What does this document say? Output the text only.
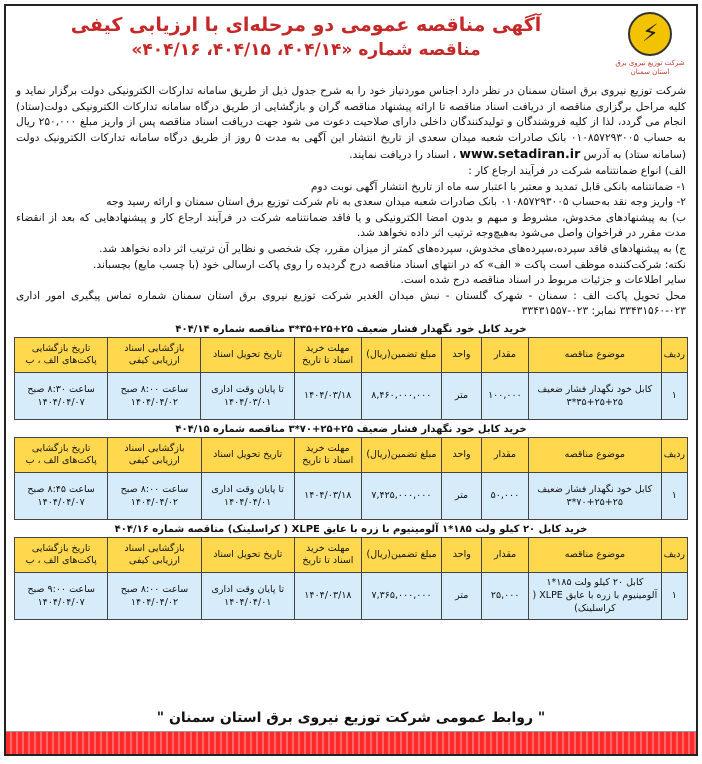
⚡
شرکت توزیع نیروی برق استان سمنان
آگهی مناقصه عمومی دو مرحله‌ای با ارزیابی کیفی
مناقصه شماره «۴۰۴/۱۴، ۴۰۴/۱۵، ۴۰۴/۱۶»

شرکت توزیع نیروی برق استان سمنان در نظر دارد اجناس موردنیاز خود را به شرح جدول ذیل از طریق سامانه تدارکات الکترونیکی دولت برگزار نماید و کلیه مراحل برگزاری مناقصه از دریافت اسناد مناقصه تا ارائه پیشنهاد مناقصه گران و بازگشایی از طریق درگاه سامانه تدارکات الکترونیکی دولت(ستاد) انجام می گردد، لذا از کلیه فروشندگان و تولیدکنندگان داخلی دارای صلاحیت دعوت می شود جهت دریافت اسناد مناقصه پس از واریز مبلغ ۲۵۰,۰۰۰ ریال به حساب ۰۱۰۸۵۷۲۹۳۰۰۵ بانک صادرات شعبه میدان سعدی از تاریخ انتشار این آگهی به مدت ۵ روز از طریق درگاه سامانه تدارکات الکترونیک دولت (سامانه ستاد) به آدرس www.setadiran.ir ، اسناد را دریافت نمایند.

الف) انواع ضمانتنامه شرکت در فرآیند ارجاع کار :

۱- ضمانتنامه بانکی قابل تمدید و معتبر با اعتبار سه ماه از تاریخ انتشار آگهی نوبت دوم

۲- واریز وجه نقد به‌حساب ۰۱۰۸۵۷۲۹۳۰۰۵ بانک صادرات شعبه میدان سعدی به نام شرکت توزیع برق استان سمنان و ارائه رسید وجه

ب) به پیشنهادهای مخدوش، مشروط و مبهم و بدون امضا الکترونیکی و یا فاقد ضمانتنامه شرکت در فرآیند ارجاع کار و پیشنهادهایی که بعد از انقضاء مدت مقرر در فراخوان واصل می‌شود به‌هیچ‌وجه ترتیب اثر داده نخواهد شد.

ج) به پیشنهادهای فاقد سپرده،سپرده‌های مخدوش، سپرده‌های کمتر از میزان مقرر، چک شخصی و نظایر آن ترتیب اثر داده نخواهد شد.

نکته: شرکت‌کننده موظف است پاکت « الف» که در انتهای اسناد مناقصه درج گردیده را روی پاکت ارسالی خود (با چسب مایع) بچسباند.

سایر اطلاعات و جزئیات مربوط در اسناد مناقصه درج شده است.

محل تحویل پاکت الف : سمنان - شهرک گلستان - نبش میدان الغدیر شرکت توزیع نیروی برق استان سمنان شماره تماس پیگیری امور اداری ۰۲۳-۳۳۴۳۱۵۶۰ نمابر: ۰۲۳-۳۳۴۳۱۵۵۷

خرید کابل خود نگهدار فشار ضعیف ۲۵+۲۵+۳۵*۳ مناقصه شماره ۴۰۴/۱۴
ردیف	موضوع مناقصه	مقدار	واحد	مبلغ تضمین(ریال)	مهلت خرید اسناد تا تاریخ	تاریخ تحویل اسناد	بازگشایی اسناد ارزیابی کیفی	تاریخ بازگشایی پاکت‌های الف ، ب
۱	کابل خود نگهدار فشار ضعیف ۲۵+۲۵+۳۵*۳	۱۰۰,۰۰۰	متر	۸,۴۶۰,۰۰۰,۰۰۰	۱۴۰۴/۰۳/۱۸	تا پایان وقت اداری ۱۴۰۴/۰۳/۰۱	ساعت ۸:۰۰ صبح ۱۴۰۴/۰۴/۰۲	ساعت ۸:۳۰ صبح ۱۴۰۴/۰۴/۰۷
خرید کابل خود نگهدار فشار ضعیف ۲۵+۲۵+۷۰*۳ مناقصه شماره ۴۰۴/۱۵
ردیف	موضوع مناقصه	مقدار	واحد	مبلغ تضمین(ریال)	مهلت خرید اسناد تا تاریخ	تاریخ تحویل اسناد	بازگشایی اسناد ارزیابی کیفی	تاریخ بازگشایی پاکت‌های الف ، ب
۱	کابل خود نگهدار فشار ضعیف ۲۵+۲۵+۷۰*۳	۵۰,۰۰۰	متر	۷,۴۲۵,۰۰۰,۰۰۰	۱۴۰۴/۰۳/۱۸	تا پایان وقت اداری ۱۴۰۴/۰۴/۰۱	ساعت ۸:۰۰ صبح ۱۴۰۴/۰۴/۰۲	ساعت ۸:۴۵ صبح ۱۴۰۴/۰۴/۰۷
خرید کابل ۲۰ کیلو ولت ۱۸۵*۱ آلومینیوم با زره با عایق XLPE ( کراسلینک) مناقصه شماره ۴۰۴/۱۶
ردیف	موضوع مناقصه	مقدار	واحد	مبلغ تضمین(ریال)	مهلت خرید اسناد تا تاریخ	تاریخ تحویل اسناد	بازگشایی اسناد ارزیابی کیفی	تاریخ بازگشایی پاکت‌های الف ، ب
۱	کابل ۲۰ کیلو ولت ۱۸۵*۱ آلومینیوم با زره با عایق XLPE ( کراسلینک)	۲۵,۰۰۰	متر	۷,۳۶۵,۰۰۰,۰۰۰	۱۴۰۴/۰۳/۱۸	تا پایان وقت اداری ۱۴۰۴/۰۴/۰۱	ساعت ۸:۰۰ صبح ۱۴۰۴/۰۴/۰۲	ساعت ۹:۰۰ صبح ۱۴۰۴/۰۴/۰۷
" روابط عمومی شرکت توزیع نیروی برق استان سمنان "
